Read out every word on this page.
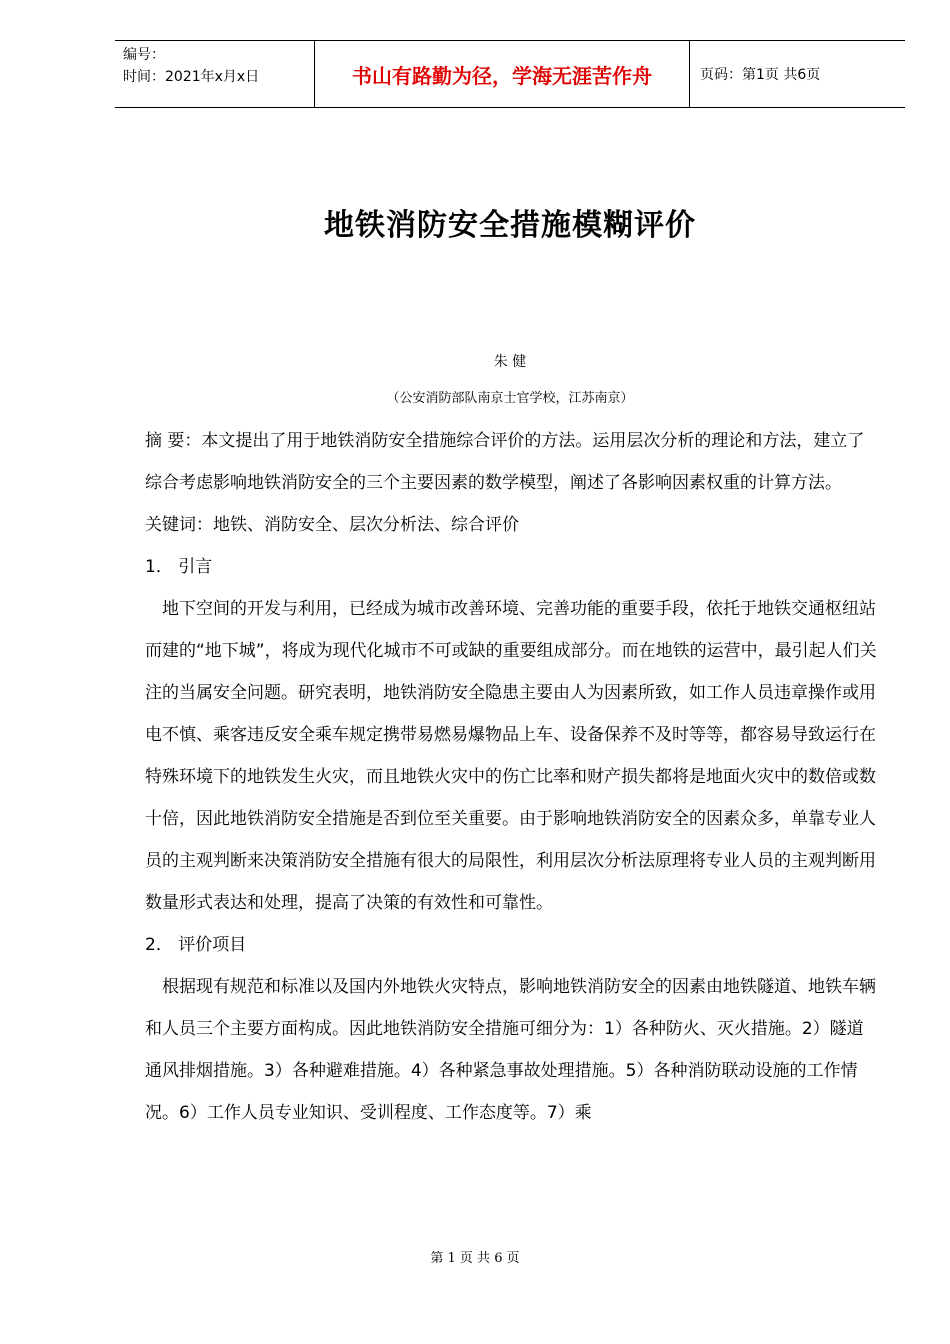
编号：
时间：2021年x月x日	书山有路勤为径，学海无涯苦作舟	页码：第1页 共6页
地铁消防安全措施模糊评价
朱 健
（公安消防部队南京士官学校，江苏南京）

摘 要：本文提出了用于地铁消防安全措施综合评价的方法。运用层次分析的理论和方法，建立了综合考虑影响地铁消防安全的三个主要因素的数学模型，阐述了各影响因素权重的计算方法。

关键词：地铁、消防安全、层次分析法、综合评价

1． 引言

地下空间的开发与利用，已经成为城市改善环境、完善功能的重要手段，依托于地铁交通枢纽站而建的“地下城”，将成为现代化城市不可或缺的重要组成部分。而在地铁的运营中，最引起人们关注的当属安全问题。研究表明，地铁消防安全隐患主要由人为因素所致，如工作人员违章操作或用电不慎、乘客违反安全乘车规定携带易燃易爆物品上车、设备保养不及时等等，都容易导致运行在特殊环境下的地铁发生火灾，而且地铁火灾中的伤亡比率和财产损失都将是地面火灾中的数倍或数十倍，因此地铁消防安全措施是否到位至关重要。由于影响地铁消防安全的因素众多，单靠专业人员的主观判断来决策消防安全措施有很大的局限性，利用层次分析法原理将专业人员的主观判断用数量形式表达和处理，提高了决策的有效性和可靠性。

2． 评价项目

根据现有规范和标准以及国内外地铁火灾特点，影响地铁消防安全的因素由地铁隧道、地铁车辆和人员三个主要方面构成。因此地铁消防安全措施可细分为：1）各种防火、灭火措施。2）隧道通风排烟措施。3）各种避难措施。4）各种紧急事故处理措施。5）各种消防联动设施的工作情况。6）工作人员专业知识、受训程度、工作态度等。7）乘

第 1 页 共 6 页
